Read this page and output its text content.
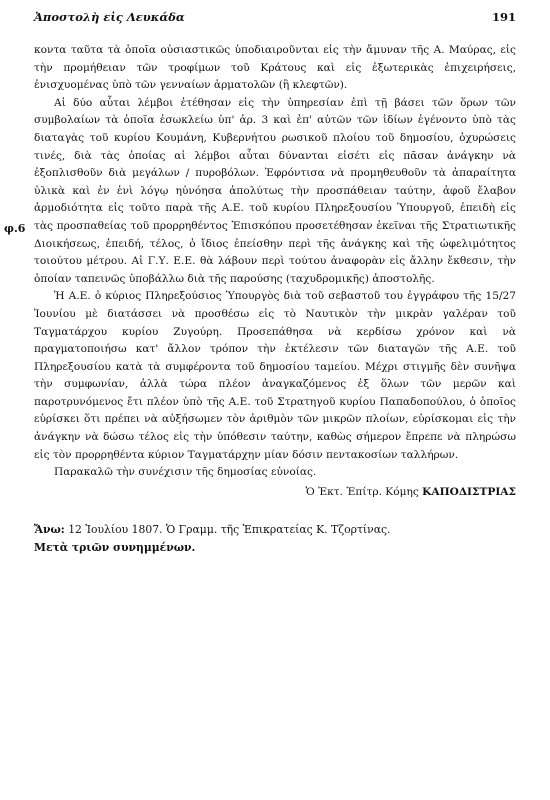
Ἀποστολὴ εἰς Λευκάδα	191

κοντα ταῦτα τὰ ὁποῖα οὐσιαστικῶς ὑποδιαιροῦνται εἰς τὴν ἄμυναν τῆς Α. Μαύρας, εἰς τὴν προμήθειαν τῶν τροφίμων τοῦ Κράτους καὶ εἰς ἐξωτερικὰς ἐπιχειρήσεις, ἐνισχυομένας ὑπὸ τῶν γενναίων ἁρματολῶν (ἢ κλεφτῶν).

Αἱ δύο αὗται λέμβοι ἐτέθησαν εἰς τὴν ὑπηρεσίαν ἐπὶ τῇ βάσει τῶν ὅρων τῶν συμβολαίων τὰ ὁποῖα ἐσωκλείω ὑπ' ἀρ. 3 καὶ ἐπ' αὐτῶν τῶν ἰδίων ἐγένοντο ὑπὸ τὰς διαταγὰς τοῦ κυρίου Κουμάνη, Κυβερνήτου ρωσικοῦ πλοίου τοῦ δημοσίου, ὀχυρώσεις τινές, διὰ τὰς ὁποίας αἱ λέμβοι αὗται δύνανται εἰσέτι εἰς πᾶσαν ἀνάγκην νὰ ἐξοπλισθοῦν διὰ μεγάλων / πυροβόλων. Ἐφρόντισα νὰ προμηθευθοῦν τὰ ἀπαραίτητα ὑλικὰ καὶ ἐν ἑνὶ λόγῳ ηὐνόησα ἀπολύτως τὴν προσπάθειαν ταύτην, ἀφοῦ ἔλαβον ἁρμοδιότητα εἰς τοῦτο παρὰ τῆς Α.Ε. τοῦ κυρίου Πληρεξουσίου Ὑπουργοῦ, ἐπειδὴ εἰς τὰς προσπαθείας τοῦ προρρηθέντος Ἐπισκόπου προσετέθησαν ἐκεῖναι τῆς Στρατιωτικῆς Διοικήσεως, ἐπειδή, τέλος, ὁ ἴδιος ἐπείσθην περὶ τῆς ἀνάγκης καὶ τῆς ὠφελιμότητος τοιούτου μέτρου. Αἱ Γ.Υ. Ε.Ε. θὰ λάβουν περὶ τούτου ἀναφορὰν εἰς ἄλλην ἔκθεσιν, τὴν ὁποίαν ταπεινῶς ὑποβάλλω διὰ τῆς παρούσης (ταχυδρομικῆς) ἀποστολῆς.

Ἡ Α.Ε. ὁ κύριος Πληρεξούσιος Ὑπουργὸς διὰ τοῦ σεβαστοῦ του ἐγγράφου τῆς 15/27 Ἰουνίου μὲ διατάσσει νὰ προσθέσω εἰς τὸ Ναυτικὸν τὴν μικρὰν γαλέραν τοῦ Ταγματάρχου κυρίου Ζυγούρη. Προσεπάθησα νὰ κερδίσω χρόνον καὶ νὰ πραγματοποιήσω κατ' ἄλλον τρόπον τὴν ἐκτέλεσιν τῶν διαταγῶν τῆς Α.Ε. τοῦ Πληρεξουσίου κατὰ τὰ συμφέροντα τοῦ δημοσίου ταμείου. Μέχρι στιγμῆς δὲν συνῆψα τὴν συμφωνίαν, ἀλλὰ τώρα πλέον ἀναγκαζόμενος ἐξ ὅλων τῶν μερῶν καὶ παροτρυνόμενος ἔτι πλέον ὑπὸ τῆς Α.Ε. τοῦ Στρατηγοῦ κυρίου Παπαδοπούλου, ὁ ὁποῖος εὑρίσκει ὅτι πρέπει νὰ αὐξήσωμεν τὸν ἀριθμὸν τῶν μικρῶν πλοίων, εὑρίσκομαι εἰς τὴν ἀνάγκην νὰ δώσω τέλος εἰς τὴν ὑπόθεσιν ταύτην, καθὼς σήμερον ἔπρεπε νὰ πληρώσω εἰς τὸν προρρηθέντα κύριον Ταγματάρχην μίαν δόσιν πεντακοσίων ταλλήρων.

Παρακαλῶ τὴν συνέχισιν τῆς δημοσίας εὐνοίας.

Ὁ Ἐκτ. Ἐπίτρ. Κόμης ΚΑΠΟΔΙΣΤΡΙΑΣ
Ἄνω: 12 Ἰουλίου 1807. Ὁ Γραμμ. τῆς Ἐπικρατείας Κ. Τζορτίνας.
Μετὰ τριῶν συνημμένων.
φ.6
